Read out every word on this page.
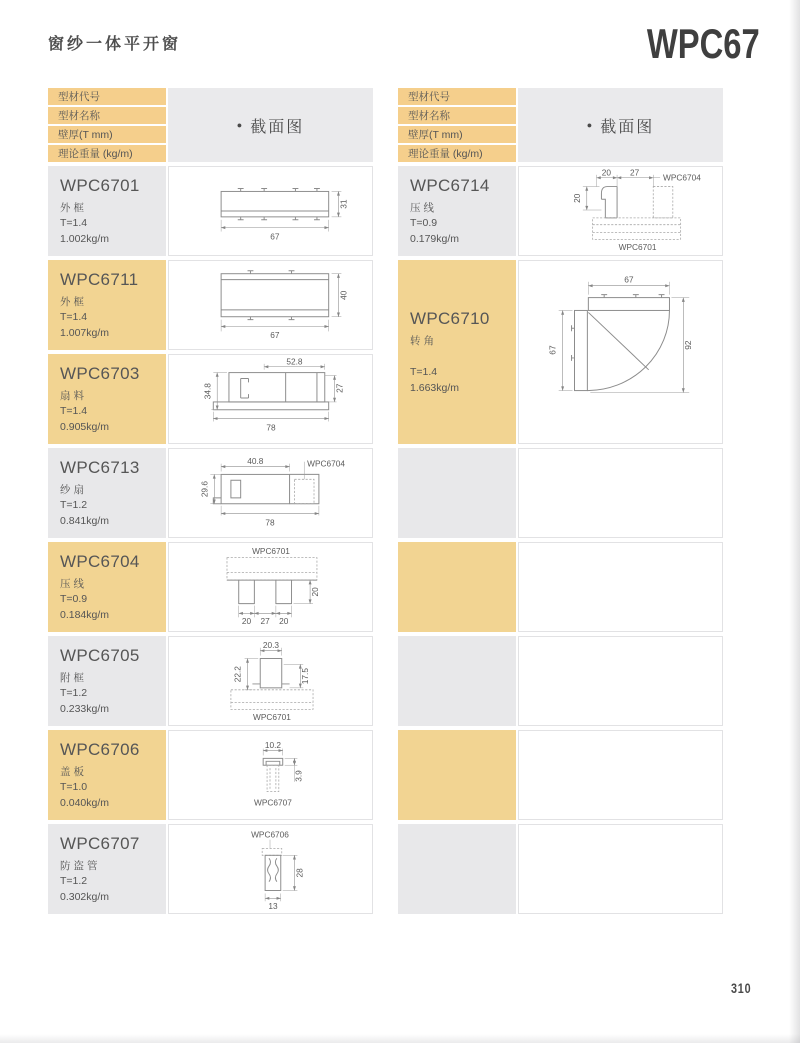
窗纱一体平开窗	WPC67
型材代号
型材名称
壁厚(T mm)
理论重量 (kg/m)
● 截面图
WPC6701
外框
T=1.4
1.002kg/m
31
67
WPC6711
外框
T=1.4
1.007kg/m
40
67
WPC6703
扇料
T=1.4
0.905kg/m
52.8
34.8	27
78
WPC6713
纱扇
T=1.2
0.841kg/m
40.8	WPC6704
29.6
78
WPC6704
压线
T=0.9
0.184kg/m
WPC6701
20
20 27 20
WPC6705
附框
T=1.2
0.233kg/m
WPC6701
20.3
22.2	17.5
WPC6706
盖板
T=1.0
0.040kg/m
10.2
3.9
WPC6707
WPC6707
防盗管
T=1.2
0.302kg/m
WPC6706
28
13
型材代号
型材名称
壁厚(T mm)
理论重量 (kg/m)
● 截面图
WPC6714
压线
T=0.9
0.179kg/m
20 27
WPC6704
20
WPC6701
WPC6710
转角
T=1.4
1.663kg/m
67
67
92
310
